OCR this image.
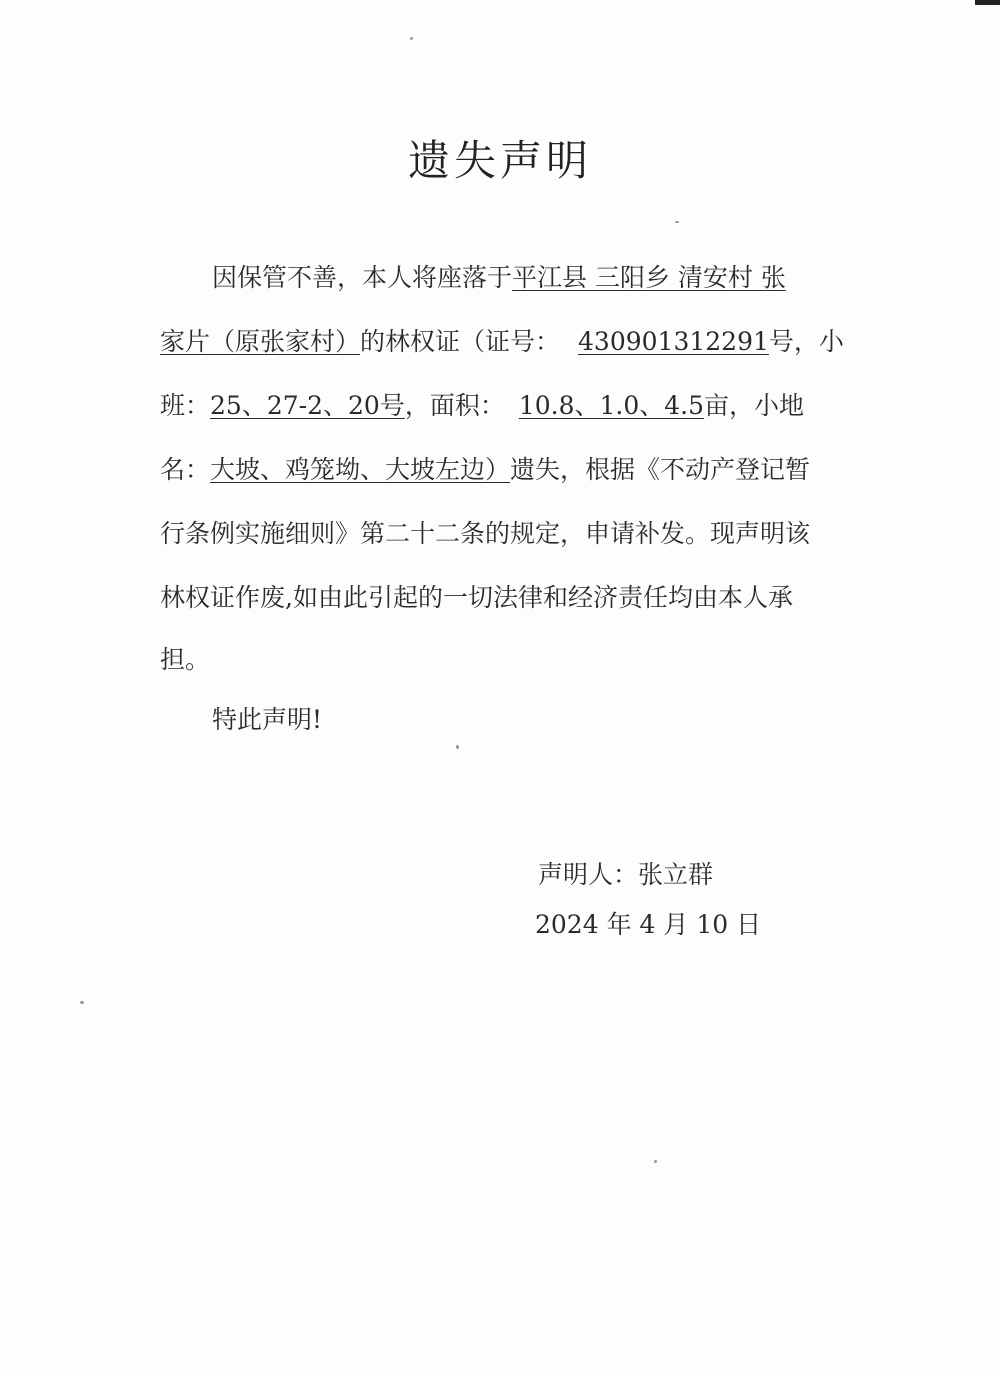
遗失声明
因保管不善，本人将座落于平江县 三阳乡 清安村 张
家片（原张家村）的林权证（证号： 430901312291号，小
班：25、27-2、20号，面积： 10.8、1.0、4.5亩，小地
名：大坡、鸡笼坳、大坡左边）遗失，根据《不动产登记暂
行条例实施细则》第二十二条的规定，申请补发。现声明该
林权证作废,如由此引起的一切法律和经济责任均由本人承
担。
特此声明!
声明人：张立群
2024 年 4 月 10 日
